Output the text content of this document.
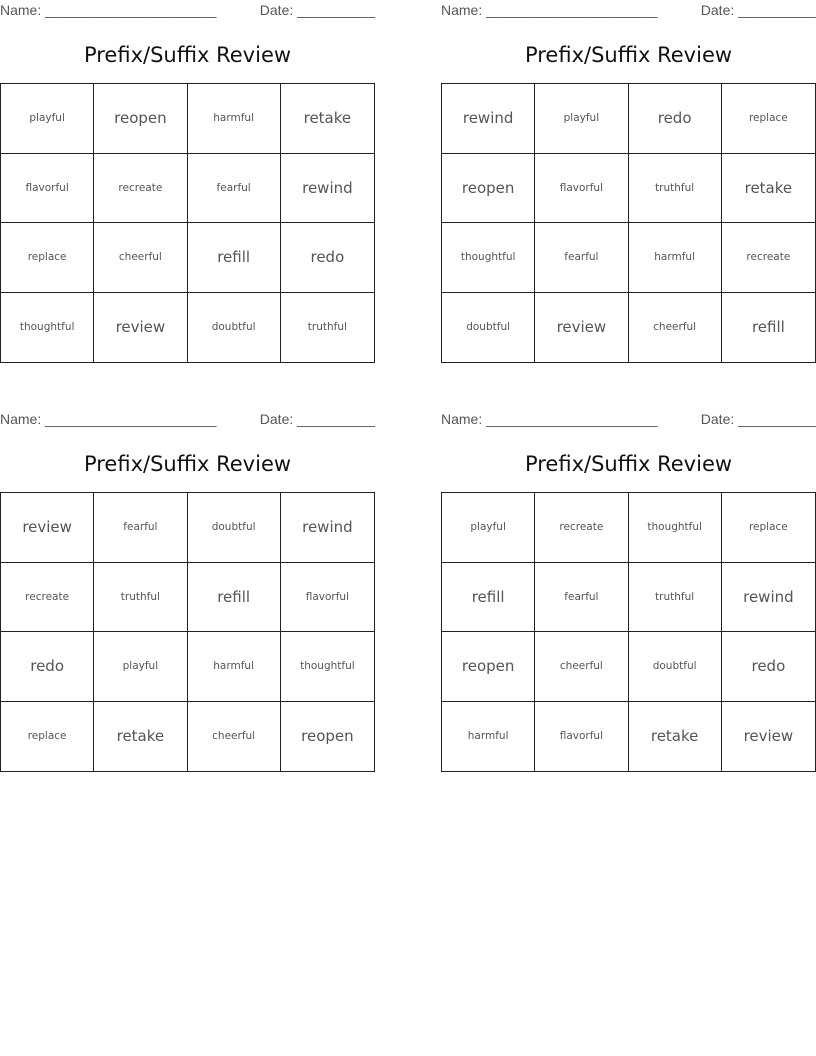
Name: ______________________	Date: __________
Prefix/Suffix Review
playful	reopen	harmful	retake
flavorful	recreate	fearful	rewind
replace	cheerful	refill	redo
thoughtful	review	doubtful	truthful
Name: ______________________	Date: __________
Prefix/Suffix Review
rewind	playful	redo	replace
reopen	flavorful	truthful	retake
thoughtful	fearful	harmful	recreate
doubtful	review	cheerful	refill
Name: ______________________	Date: __________
Prefix/Suffix Review
review	fearful	doubtful	rewind
recreate	truthful	refill	flavorful
redo	playful	harmful	thoughtful
replace	retake	cheerful	reopen
Name: ______________________	Date: __________
Prefix/Suffix Review
playful	recreate	thoughtful	replace
refill	fearful	truthful	rewind
reopen	cheerful	doubtful	redo
harmful	flavorful	retake	review
